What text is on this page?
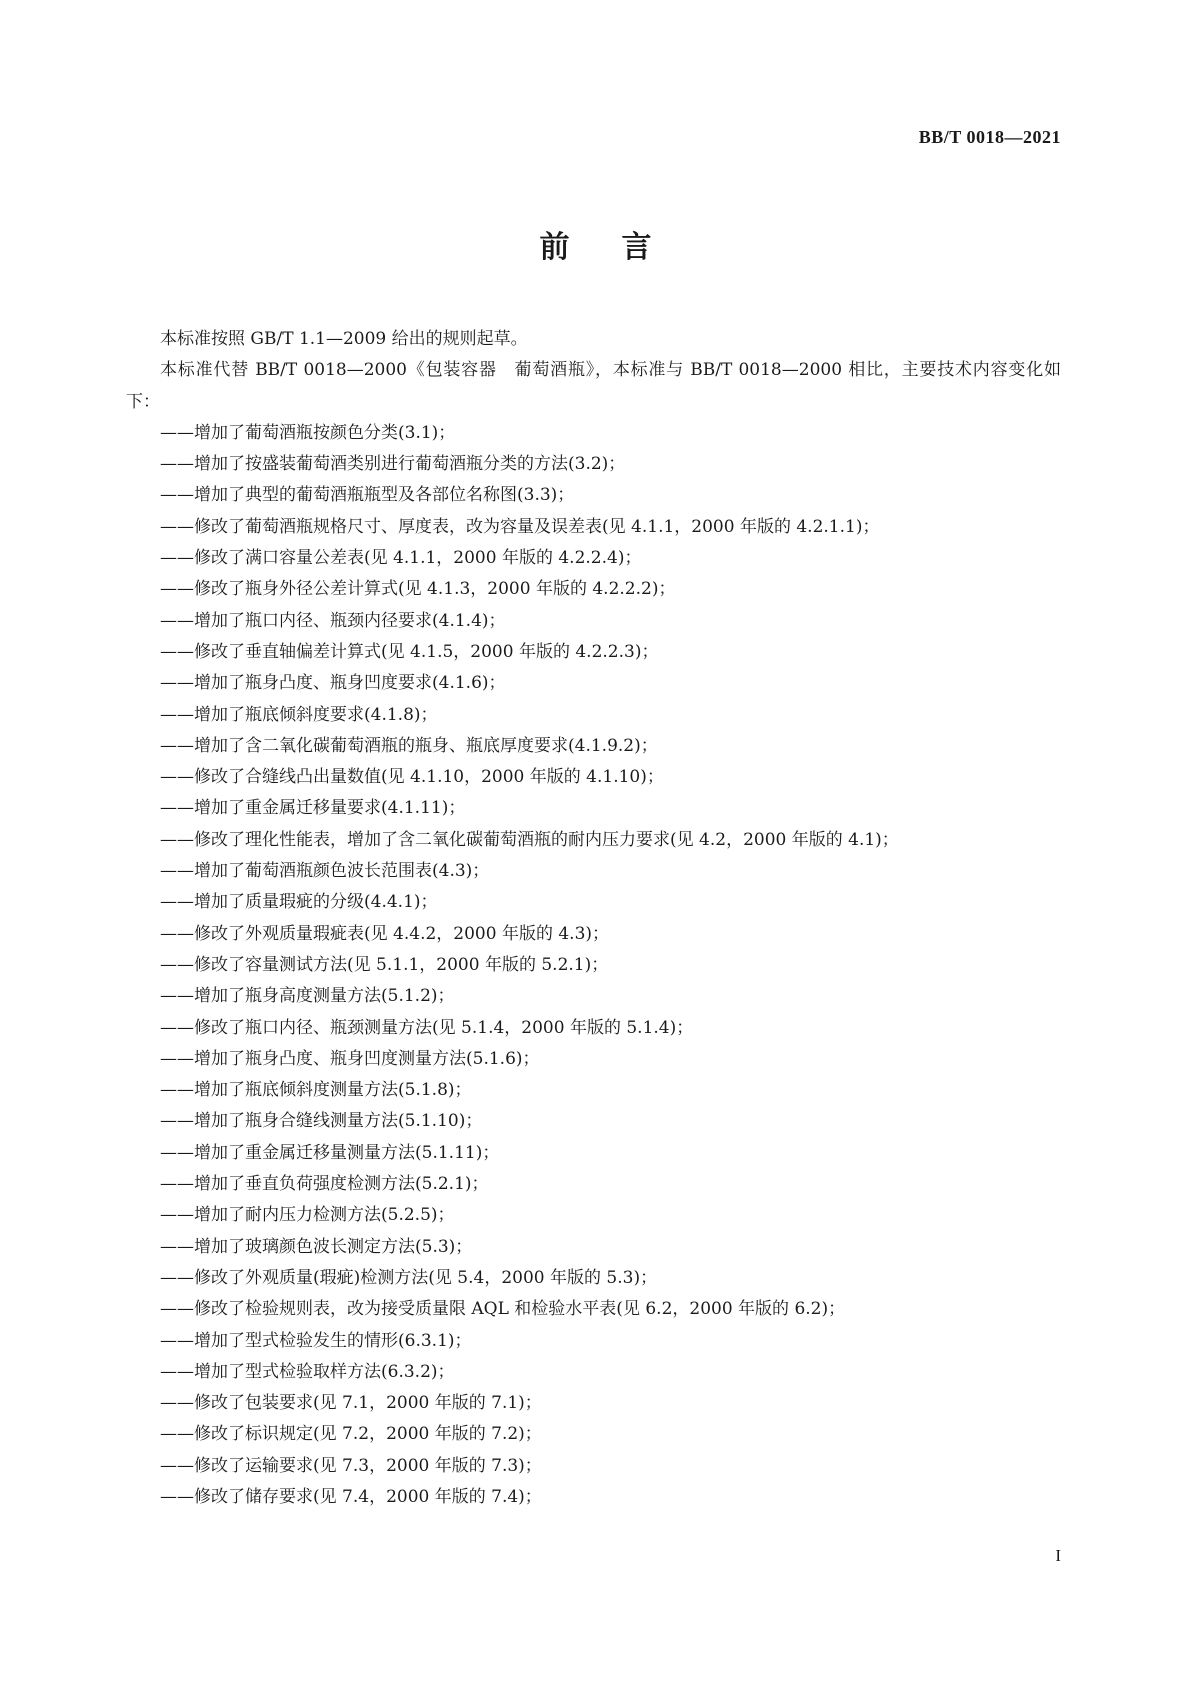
BB/T 0018—2021
前言

本标准按照 GB/T 1.1—2009 给出的规则起草。

本标准代替 BB/T 0018—2000《包装容器　葡萄酒瓶》，本标准与 BB/T 0018—2000 相比，主要技术内容变化如下：

——增加了葡萄酒瓶按颜色分类(3.1)；
——增加了按盛装葡萄酒类别进行葡萄酒瓶分类的方法(3.2)；
——增加了典型的葡萄酒瓶瓶型及各部位名称图(3.3)；
——修改了葡萄酒瓶规格尺寸、厚度表，改为容量及误差表(见 4.1.1，2000 年版的 4.2.1.1)；
——修改了满口容量公差表(见 4.1.1，2000 年版的 4.2.2.4)；
——修改了瓶身外径公差计算式(见 4.1.3，2000 年版的 4.2.2.2)；
——增加了瓶口内径、瓶颈内径要求(4.1.4)；
——修改了垂直轴偏差计算式(见 4.1.5，2000 年版的 4.2.2.3)；
——增加了瓶身凸度、瓶身凹度要求(4.1.6)；
——增加了瓶底倾斜度要求(4.1.8)；
——增加了含二氧化碳葡萄酒瓶的瓶身、瓶底厚度要求(4.1.9.2)；
——修改了合缝线凸出量数值(见 4.1.10，2000 年版的 4.1.10)；
——增加了重金属迁移量要求(4.1.11)；
——修改了理化性能表，增加了含二氧化碳葡萄酒瓶的耐内压力要求(见 4.2，2000 年版的 4.1)；
——增加了葡萄酒瓶颜色波长范围表(4.3)；
——增加了质量瑕疵的分级(4.4.1)；
——修改了外观质量瑕疵表(见 4.4.2，2000 年版的 4.3)；
——修改了容量测试方法(见 5.1.1，2000 年版的 5.2.1)；
——增加了瓶身高度测量方法(5.1.2)；
——修改了瓶口内径、瓶颈测量方法(见 5.1.4，2000 年版的 5.1.4)；
——增加了瓶身凸度、瓶身凹度测量方法(5.1.6)；
——增加了瓶底倾斜度测量方法(5.1.8)；
——增加了瓶身合缝线测量方法(5.1.10)；
——增加了重金属迁移量测量方法(5.1.11)；
——增加了垂直负荷强度检测方法(5.2.1)；
——增加了耐内压力检测方法(5.2.5)；
——增加了玻璃颜色波长测定方法(5.3)；
——修改了外观质量(瑕疵)检测方法(见 5.4，2000 年版的 5.3)；
——修改了检验规则表，改为接受质量限 AQL 和检验水平表(见 6.2，2000 年版的 6.2)；
——增加了型式检验发生的情形(6.3.1)；
——增加了型式检验取样方法(6.3.2)；
——修改了包装要求(见 7.1，2000 年版的 7.1)；
——修改了标识规定(见 7.2，2000 年版的 7.2)；
——修改了运输要求(见 7.3，2000 年版的 7.3)；
——修改了储存要求(见 7.4，2000 年版的 7.4)；
I
